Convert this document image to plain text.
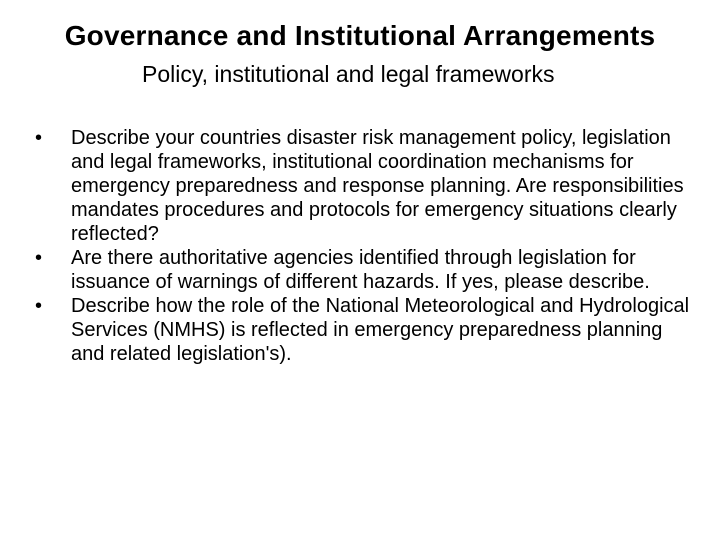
Governance and Institutional Arrangements
Policy, institutional and legal frameworks
•	Describe your countries disaster risk management policy, legislation and legal frameworks, institutional coordination mechanisms for emergency preparedness and response planning. Are responsibilities mandates procedures and protocols for emergency situations clearly reflected?
•	Are there authoritative agencies identified through legislation for issuance of warnings of different hazards. If yes, please describe.
•	Describe how the role of the National Meteorological and Hydrological Services (NMHS) is reflected in emergency preparedness planning and related legislation's).
